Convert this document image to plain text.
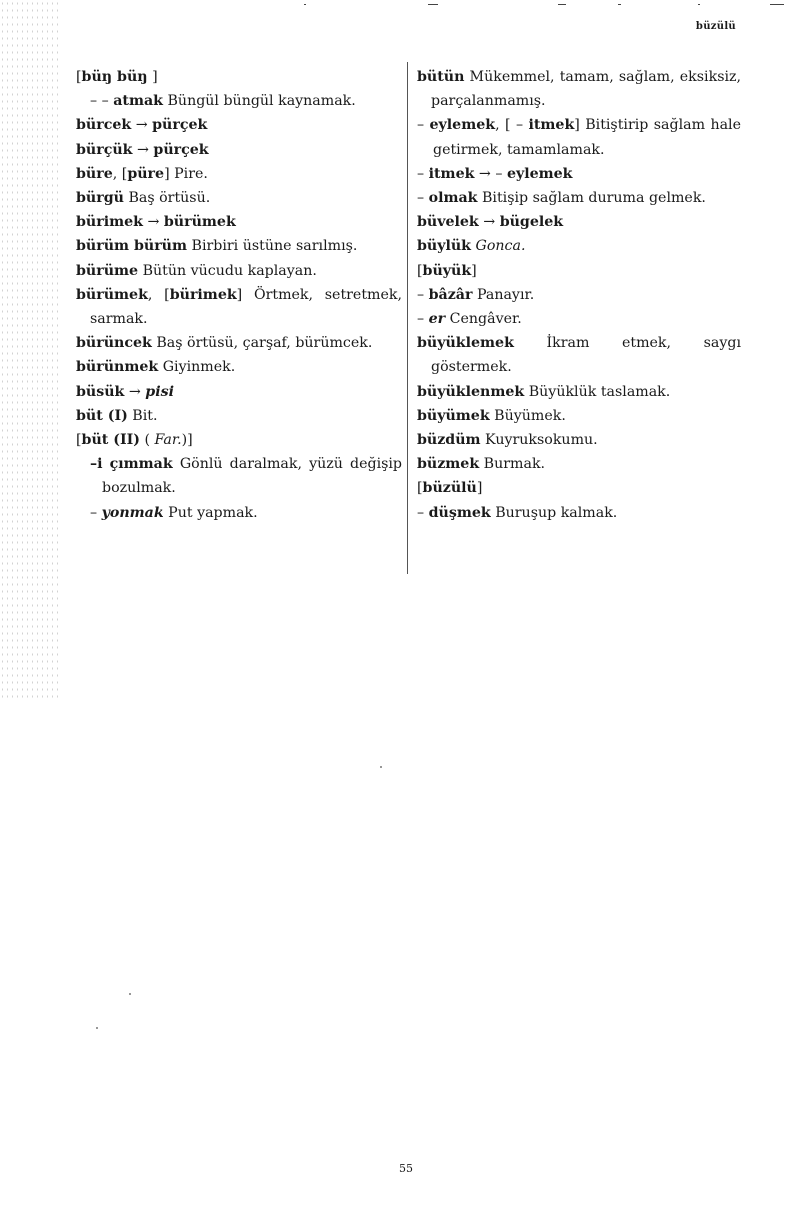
büzülü

[büŋ büŋ ]

– – atmak Büngül büngül kaynamak.

bürcek → pürçek

bürçük → pürçek

büre, [püre] Pire.

bürgü Baş örtüsü.

bürimek → bürümek

bürüm bürüm Birbiri üstüne sarılmış.

bürüme Bütün vücudu kaplayan.

bürümek, [bürimek] Örtmek, setretmek, sarmak.

bürüncek Baş örtüsü, çarşaf, bürümcek.

bürünmek Giyinmek.

büsük → pisi

büt (I) Bit.

[büt (II) ( Far.)]

–i çımmak Gönlü daralmak, yüzü değişip bozulmak.

– yonmak Put yapmak.

bütün Mükemmel, tamam, sağlam, eksiksiz, parçalanmamış.

– eylemek, [ – itmek] Bitiştirip sağlam hale getirmek, tamamlamak.

– itmek → – eylemek

– olmak Bitişip sağlam duruma gelmek.

büvelek → bügelek

büylük Gonca.

[büyük]

– bâzâr Panayır.

– er Cengâver.

büyüklemek İkram etmek, saygı göstermek.

büyüklenmek Büyüklük taslamak.

büyümek Büyümek.

büzdüm Kuyruksokumu.

büzmek Burmak.

[büzülü]

– düşmek Buruşup kalmak.

55
